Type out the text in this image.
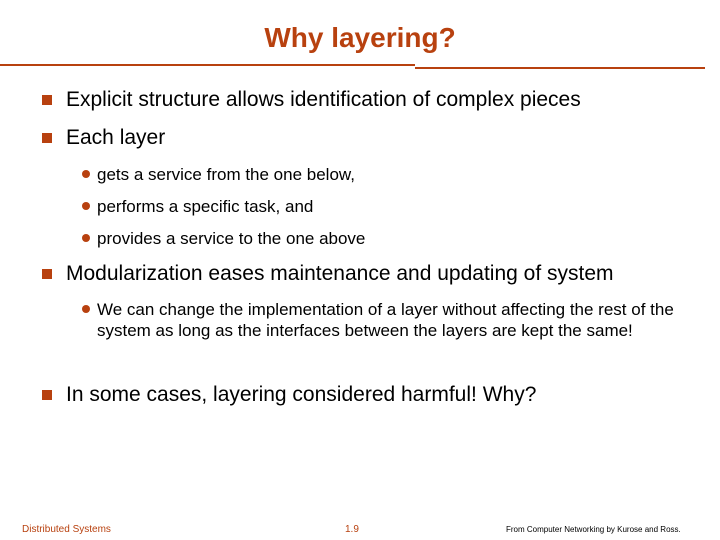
Why layering?
Explicit structure allows identification of complex pieces
Each layer
gets a service from the one below,
performs a specific task, and
provides a service to the one above
Modularization eases maintenance and updating of system
We can change the implementation of a layer without affecting the rest of the system as long as the interfaces between the layers are kept the same!
In some cases, layering considered harmful! Why?
Distributed Systems	1.9	From Computer Networking by Kurose and Ross.
